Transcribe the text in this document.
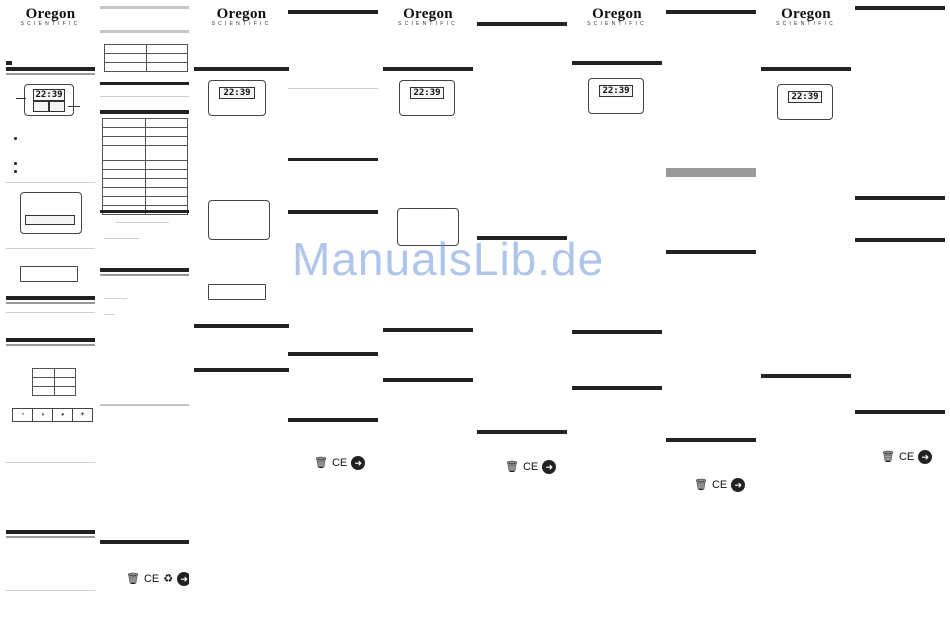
Oregon
SCIENTIFIC
22:39

◔	◑	◕	☀

🗑 CE ♻ ➜
Oregon
SCIENTIFIC
22:39
🗑 CE ➜
Oregon
SCIENTIFIC
22:39
🗑 CE ➜
Oregon
SCIENTIFIC
22:39
🗑 CE ➜
Oregon
SCIENTIFIC
22:39
🗑 CE ➜
ManualsLib.de
